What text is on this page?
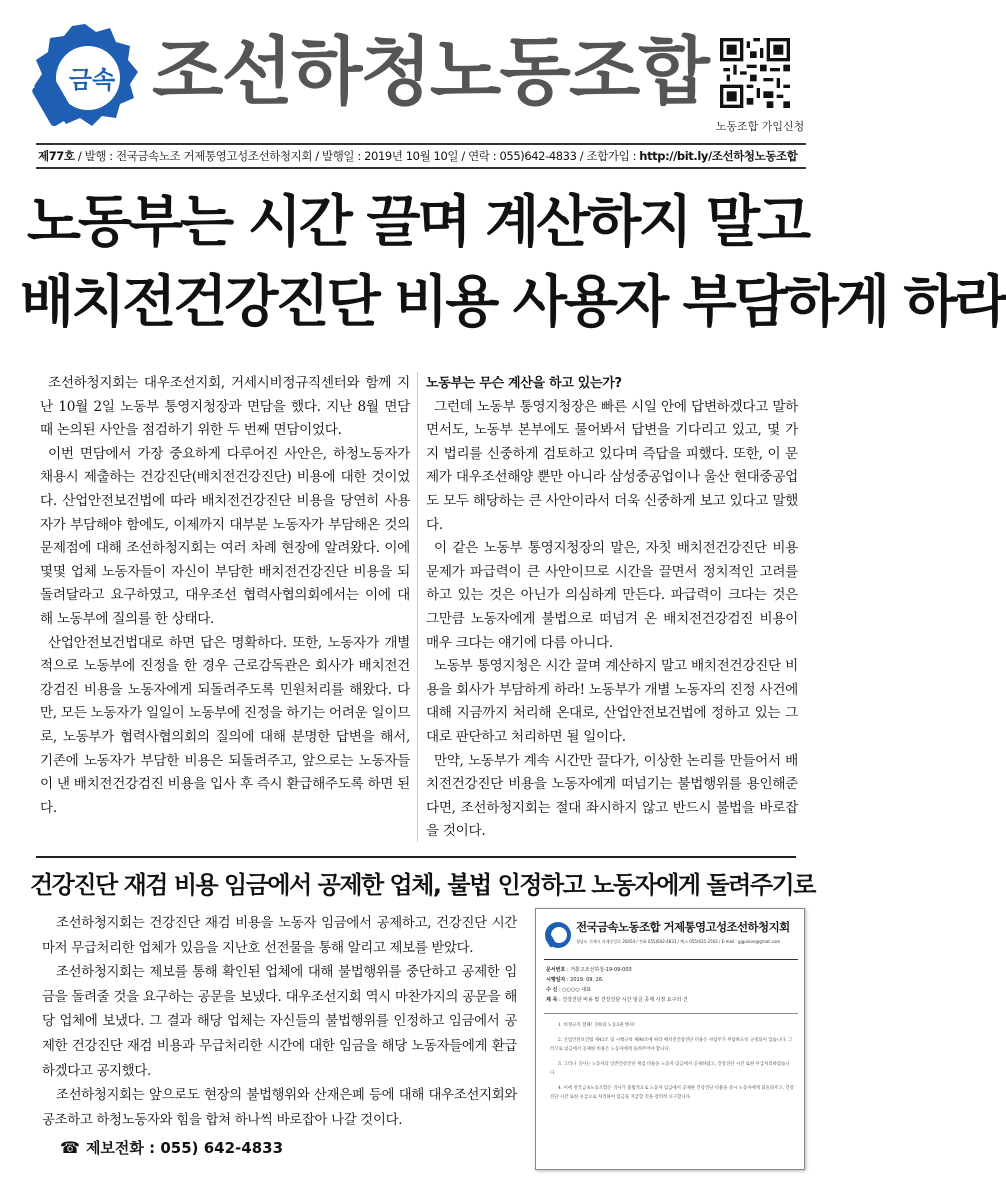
금속 조선하청노동조합
노동조합 가입신청
제77호 / 발행 : 전국금속노조 거제통영고성조선하청지회 / 발행일 : 2019년 10월 10일 / 연락 : 055)642-4833 / 조합가입 : http://bit.ly/조선하청노동조합
노동부는 시간 끌며 계산하지 말고
배치전건강진단 비용 사용자 부담하게 하라

조선하청지회는 대우조선지회, 거세시비정규직센터와 함께 지난 10월 2일 노동부 통영지청장과 면담을 했다. 지난 8월 면담 때 논의된 사안을 점검하기 위한 두 번째 면담이었다.

이번 면담에서 가장 중요하게 다루어진 사안은, 하청노동자가 채용시 제출하는 건강진단(배치전건강진단) 비용에 대한 것이었다. 산업안전보건법에 따라 배치전건강진단 비용을 당연히 사용자가 부담해야 함에도, 이제까지 대부분 노동자가 부담해온 것의 문제점에 대해 조선하청지회는 여러 차례 현장에 알려왔다. 이에 몇몇 업체 노동자들이 자신이 부담한 배치전건강진단 비용을 되돌려달라고 요구하였고, 대우조선 협력사협의회에서는 이에 대해 노동부에 질의를 한 상태다.

산업안전보건법대로 하면 답은 명확하다. 또한, 노동자가 개별적으로 노동부에 진정을 한 경우 근로감독관은 회사가 배치전건강검진 비용을 노동자에게 되돌려주도록 민원처리를 해왔다. 다만, 모든 노동자가 일일이 노동부에 진정을 하기는 어려운 일이므로, 노동부가 협력사협의회의 질의에 대해 분명한 답변을 해서, 기존에 노동자가 부담한 비용은 되돌려주고, 앞으로는 노동자들이 낸 배치전건강검진 비용을 입사 후 즉시 환급해주도록 하면 된다.

노동부는 무슨 계산을 하고 있는가?

그런데 노동부 통영지청장은 빠른 시일 안에 답변하겠다고 말하면서도, 노동부 본부에도 물어봐서 답변을 기다리고 있고, 몇 가지 법리를 신중하게 검토하고 있다며 즉답을 피했다. 또한, 이 문제가 대우조선해양 뿐만 아니라 삼성중공업이나 울산 현대중공업도 모두 해당하는 큰 사안이라서 더욱 신중하게 보고 있다고 말했다.

이 같은 노동부 통영지청장의 말은, 자칫 배치전건강진단 비용 문제가 파급력이 큰 사안이므로 시간을 끌면서 정치적인 고려를 하고 있는 것은 아닌가 의심하게 만든다. 파급력이 크다는 것은 그만큼 노동자에게 불법으로 떠넘겨 온 배치전건강검진 비용이 매우 크다는 얘기에 다름 아니다.

노동부 통영지청은 시간 끌며 계산하지 말고 배치전건강진단 비용을 회사가 부담하게 하라! 노동부가 개별 노동자의 진정 사건에 대해 지금까지 처리해 온대로, 산업안전보건법에 정하고 있는 그대로 판단하고 처리하면 될 일이다.

만약, 노동부가 계속 시간만 끌다가, 이상한 논리를 만들어서 배치전건강진단 비용을 노동자에게 떠넘기는 불법행위를 용인해준다면, 조선하청지회는 절대 좌시하지 않고 반드시 불법을 바로잡을 것이다.

건강진단 재검 비용 임금에서 공제한 업체, 불법 인정하고 노동자에게 돌려주기로

조선하청지회는 건강진단 재검 비용을 노동자 임금에서 공제하고, 건강진단 시간마저 무급처리한 업체가 있음을 지난호 선전물을 통해 알리고 제보를 받았다.

조선하청지회는 제보를 통해 확인된 업체에 대해 불법행위를 중단하고 공제한 임금을 돌려줄 것을 요구하는 공문을 보냈다. 대우조선지회 역시 마찬가지의 공문을 해당 업체에 보냈다. 그 결과 해당 업체는 자신들의 불법행위를 인정하고 임금에서 공제한 건강진단 재검 비용과 무급처리한 시간에 대한 임금을 해당 노동자들에게 환급하겠다고 공지했다.

조선하청지회는 앞으로도 현장의 불법행위와 산재은폐 등에 대해 대우조선지회와 공조하고 하청노동자와 힘을 합쳐 하나씩 바로잡아 나갈 것이다.

☎ 제보전화 : 055) 642-4833
전국금속노동조합 거제통영고성조선하청지회
경남도 거제시 거제중앙로 20454 / 전화 055)642-4833 / 팩스 055)635-2503 / E-mail : gjgunion@gmail.com
문서번호 : 거통고조선하청-19-09-003
시행일자 : 2019. 09. 26.
수 신 : ○○○○ 대표
제 목 : 건강진단 비용 및 건강진단 시간 임금 공제 시정 요구의 건

1. 비정규직 철폐! 귀하의 노동3권 행사!

2. 산업안전보건법 제43조 및 시행규칙 제98조에 따라 배치전건강진단 비용은 사업주가 부담하도록 규정되어 있습니다. 그러므로 임금에서 공제한 비용은 노동자에게 돌려주어야 합니다.

3. 그러나 귀사는 노동자의 일반건강진단 재검 비용을 노동자 임금에서 공제하였고, 건강진단 시간 또한 무급처리하였습니다.

4. 이에 전국금속노동조합은 귀사가 불법적으로 노동자 임금에서 공제한 건강진단 비용을 즉시 노동자에게 되돌려주고, 건강진단 시간 또한 유급으로 처리하여 임금을 지급할 것을 강력히 요구합니다.
